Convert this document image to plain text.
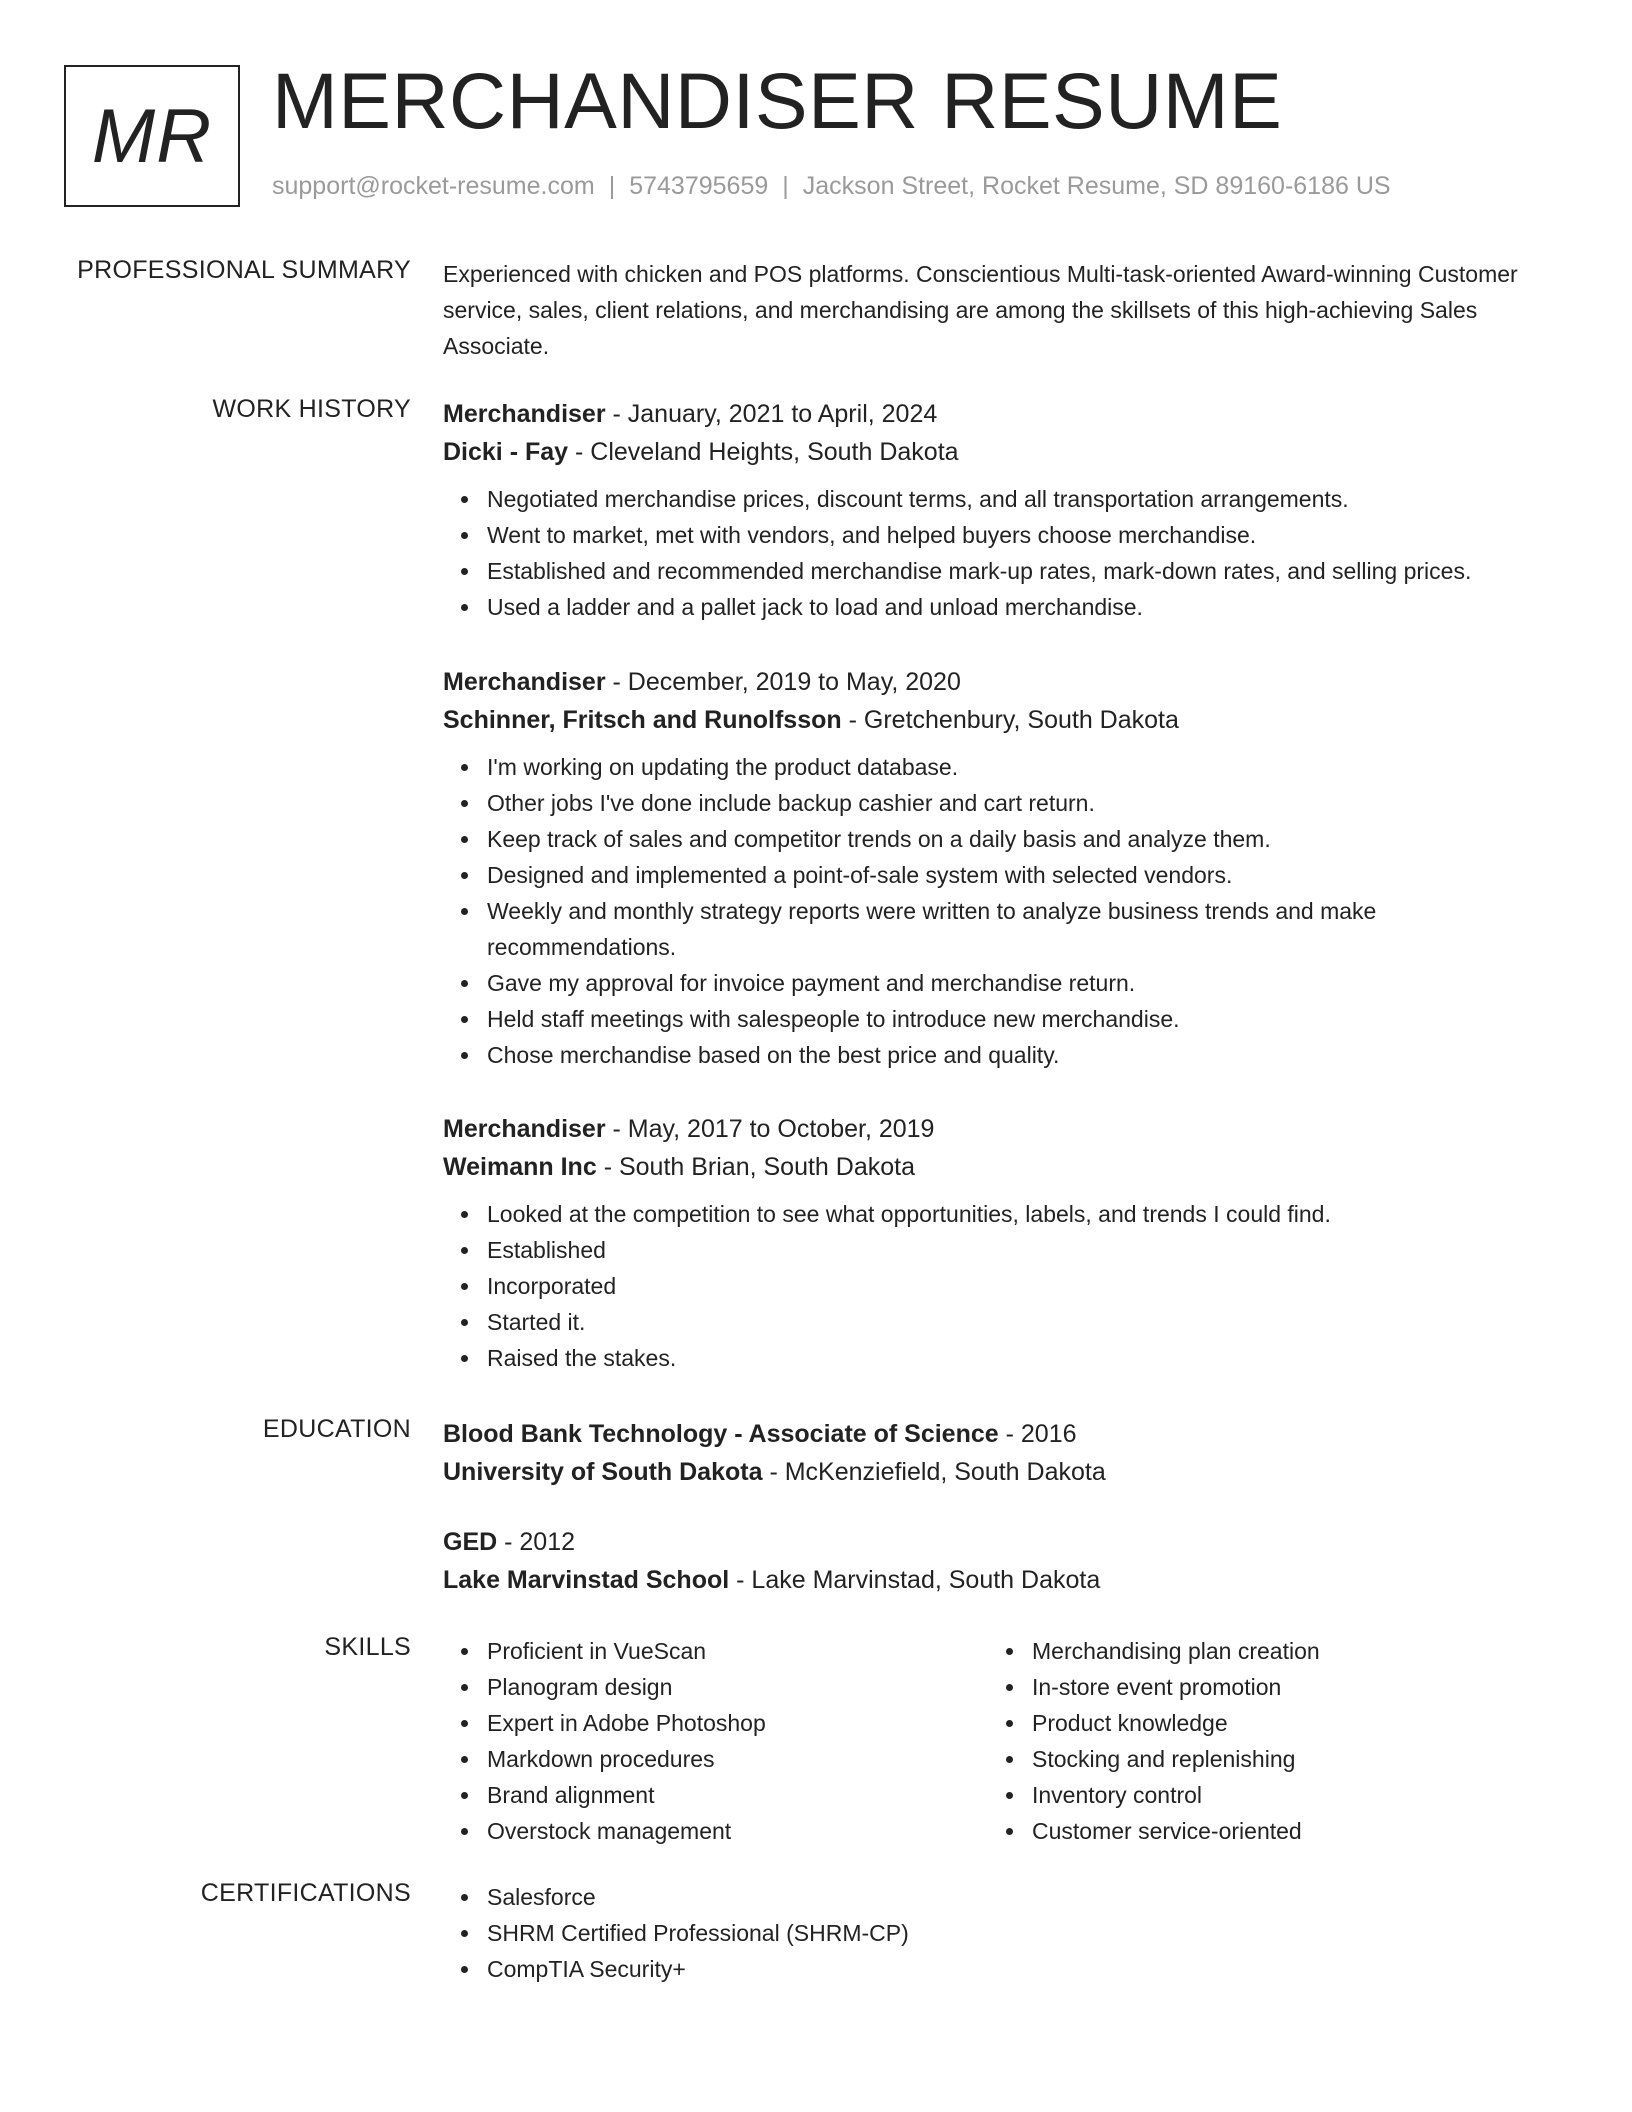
MR MERCHANDISER RESUME
support@rocket-resume.com | 5743795659 | Jackson Street, Rocket Resume, SD 89160-6186 US
PROFESSIONAL SUMMARY Experienced with chicken and POS platforms. Conscientious Multi-task-oriented Award-winning Customer service, sales, client relations, and merchandising are among the skillsets of this high-achieving Sales Associate.

WORK HISTORY Merchandiser - January, 2021 to April, 2024
Dicki - Fay - Cleveland Heights, South Dakota
Negotiated merchandise prices, discount terms, and all transportation arrangements.
Went to market, met with vendors, and helped buyers choose merchandise.
Established and recommended merchandise mark-up rates, mark-down rates, and selling prices.
Used a ladder and a pallet jack to load and unload merchandise.
Merchandiser - December, 2019 to May, 2020
Schinner, Fritsch and Runolfsson - Gretchenbury, South Dakota
I'm working on updating the product database.
Other jobs I've done include backup cashier and cart return.
Keep track of sales and competitor trends on a daily basis and analyze them.
Designed and implemented a point-of-sale system with selected vendors.
Weekly and monthly strategy reports were written to analyze business trends and make recommendations.
Gave my approval for invoice payment and merchandise return.
Held staff meetings with salespeople to introduce new merchandise.
Chose merchandise based on the best price and quality.
Merchandiser - May, 2017 to October, 2019
Weimann Inc - South Brian, South Dakota
Looked at the competition to see what opportunities, labels, and trends I could find.
Established
Incorporated
Started it.
Raised the stakes.
EDUCATION Blood Bank Technology - Associate of Science - 2016
University of South Dakota - McKenziefield, South Dakota
GED - 2012
Lake Marvinstad School - Lake Marvinstad, South Dakota
SKILLS	Proficient in VueScan
Planogram design
Expert in Adobe Photoshop
Markdown procedures
Brand alignment
Overstock management
Merchandising plan creation
In-store event promotion
Product knowledge
Stocking and replenishing
Inventory control
Customer service-oriented
CERTIFICATIONS	Salesforce
SHRM Certified Professional (SHRM-CP)
CompTIA Security+
